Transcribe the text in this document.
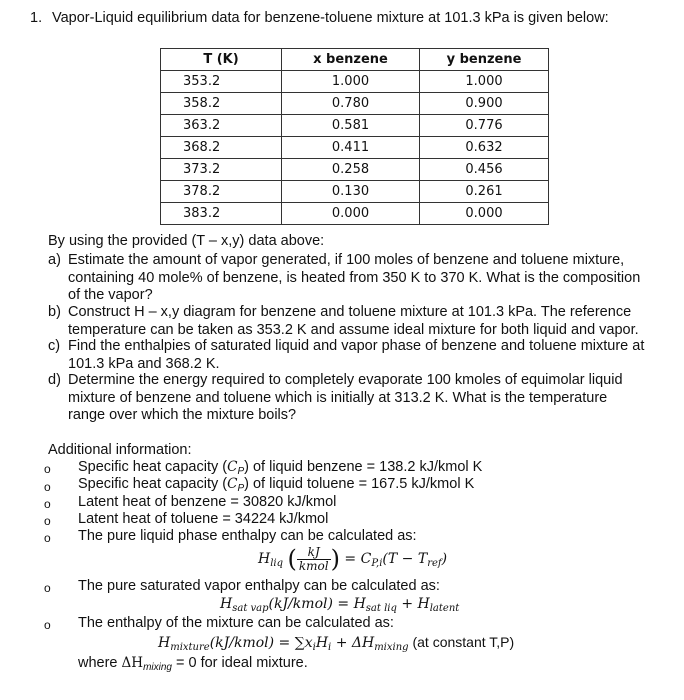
1. Vapor-Liquid equilibrium data for benzene-toluene mixture at 101.3 kPa is given below:
T (K)	x benzene	y benzene
353.2	1.000	1.000
358.2	0.780	0.900
363.2	0.581	0.776
368.2	0.411	0.632
373.2	0.258	0.456
378.2	0.130	0.261
383.2	0.000	0.000
By using the provided (T – x,y) data above:
a) Estimate the amount of vapor generated, if 100 moles of benzene and toluene mixture, containing 40 mole% of benzene, is heated from 350 K to 370 K. What is the composition of the vapor?
b) Construct H – x,y diagram for benzene and toluene mixture at 101.3 kPa. The reference temperature can be taken as 353.2 K and assume ideal mixture for both liquid and vapor.
c) Find the enthalpies of saturated liquid and vapor phase of benzene and toluene mixture at 101.3 kPa and 368.2 K.
d) Determine the energy required to completely evaporate 100 kmoles of equimolar liquid mixture of benzene and toluene which is initially at 313.2 K. What is the temperature range over which the mixture boils?
Additional information:
o
o
o
o
o
o
o
Specific heat capacity $(C_P)$ of liquid benzene = 138.2 kJ/kmol K
Specific heat capacity $(C_P)$ of liquid toluene = 167.5 kJ/kmol K
Latent heat of benzene = 30820 kJ/kmol
Latent heat of toluene = 34224 kJ/kmol
The pure liquid phase enthalpy can be calculated as:
$H_{liq}$ ( $\frac{kJ}{\text{kmol}}$ ) = $C_{P,i}(T - T_{ref})$
The pure saturated vapor enthalpy can be calculated as:
$H_{sat vap}(kJ/kmol) = H_{sat liq} + H_{latent}$
The enthalpy of the mixture can be calculated as:
$H_{mixture}(kJ/kmol) = \sum x_iH_i + \Delta H_{mixing}$ (at constant T,P)
where $\Delta H_{mixing} = 0$ for ideal mixture.
